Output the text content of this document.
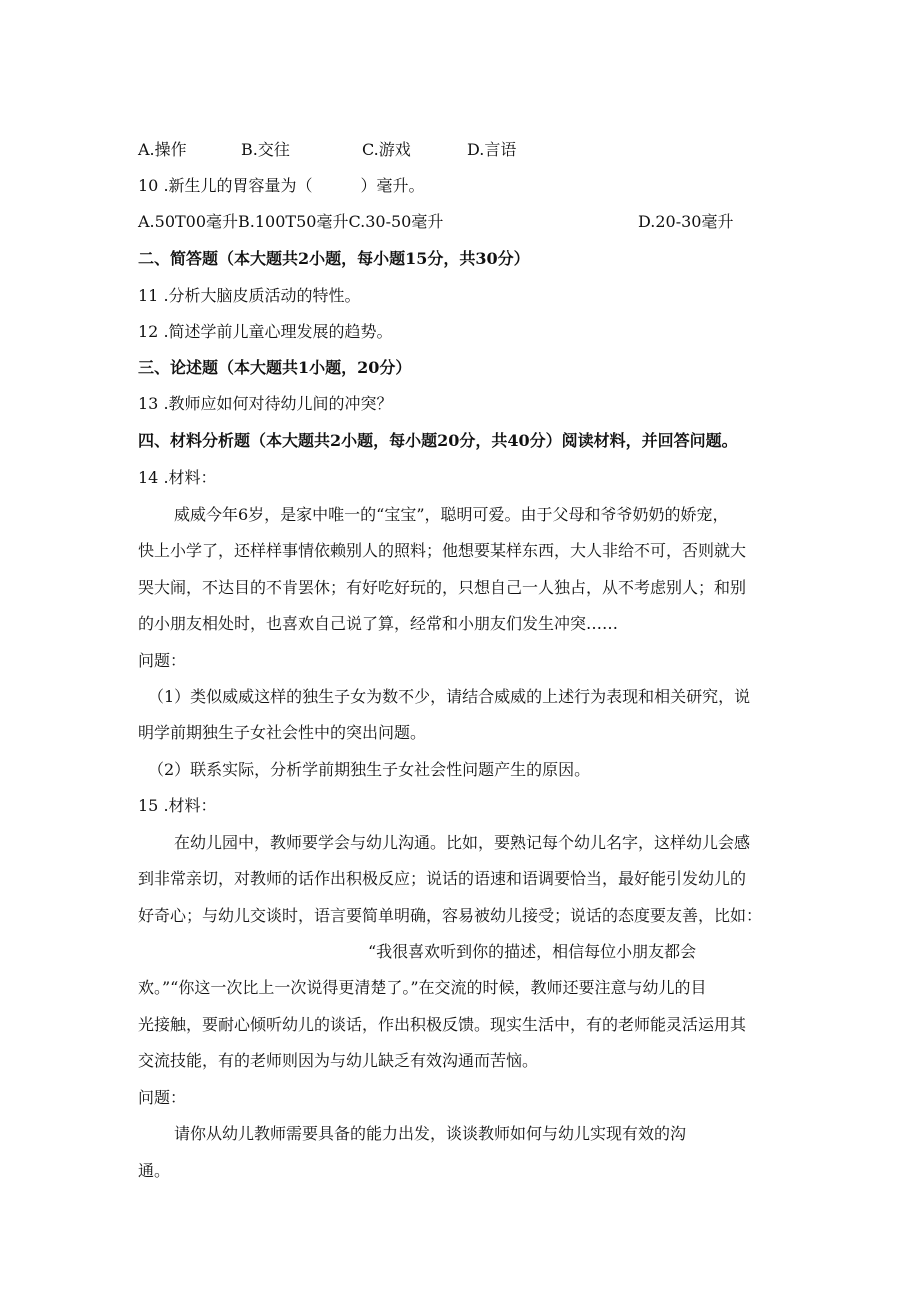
A.操作	B.交往	C.游戏	D.言语
10 .新生儿的胃容量为（　　　）毫升。
A.50T00毫升B.100T50毫升C.30-50毫升	D.20-30毫升
二、简答题（本大题共2小题，每小题15分，共30分）
11 .分析大脑皮质活动的特性。
12 .简述学前儿童心理发展的趋势。
三、论述题（本大题共1小题，20分）
13 .教师应如何对待幼儿间的冲突？
四、材料分析题（本大题共2小题，每小题20分，共40分）阅读材料，并回答问题。
14 .材料：
威威今年6岁，是家中唯一的“宝宝”，聪明可爱。由于父母和爷爷奶奶的娇宠，
快上小学了，还样样事情依赖别人的照料；他想要某样东西，大人非给不可，否则就大
哭大闹，不达目的不肯罢休；有好吃好玩的，只想自己一人独占，从不考虑别人；和别
的小朋友相处时，也喜欢自己说了算，经常和小朋友们发生冲突……
问题：
（1）类似威威这样的独生子女为数不少，请结合威威的上述行为表现和相关研究，说
明学前期独生子女社会性中的突出问题。
（2）联系实际，分析学前期独生子女社会性问题产生的原因。
15 .材料：
在幼儿园中，教师要学会与幼儿沟通。比如，要熟记每个幼儿名字，这样幼儿会感
到非常亲切，对教师的话作出积极反应；说话的语速和语调要恰当，最好能引发幼儿的
好奇心；与幼儿交谈时，语言要简单明确，容易被幼儿接受；说话的态度要友善，比如：
“我很喜欢听到你的描述，相信每位小朋友都会
欢。”“你这一次比上一次说得更清楚了。”在交流的时候，教师还要注意与幼儿的目
光接触，要耐心倾听幼儿的谈话，作出积极反馈。现实生活中，有的老师能灵活运用其
交流技能，有的老师则因为与幼儿缺乏有效沟通而苦恼。
问题：
请你从幼儿教师需要具备的能力出发，谈谈教师如何与幼儿实现有效的沟
通。
